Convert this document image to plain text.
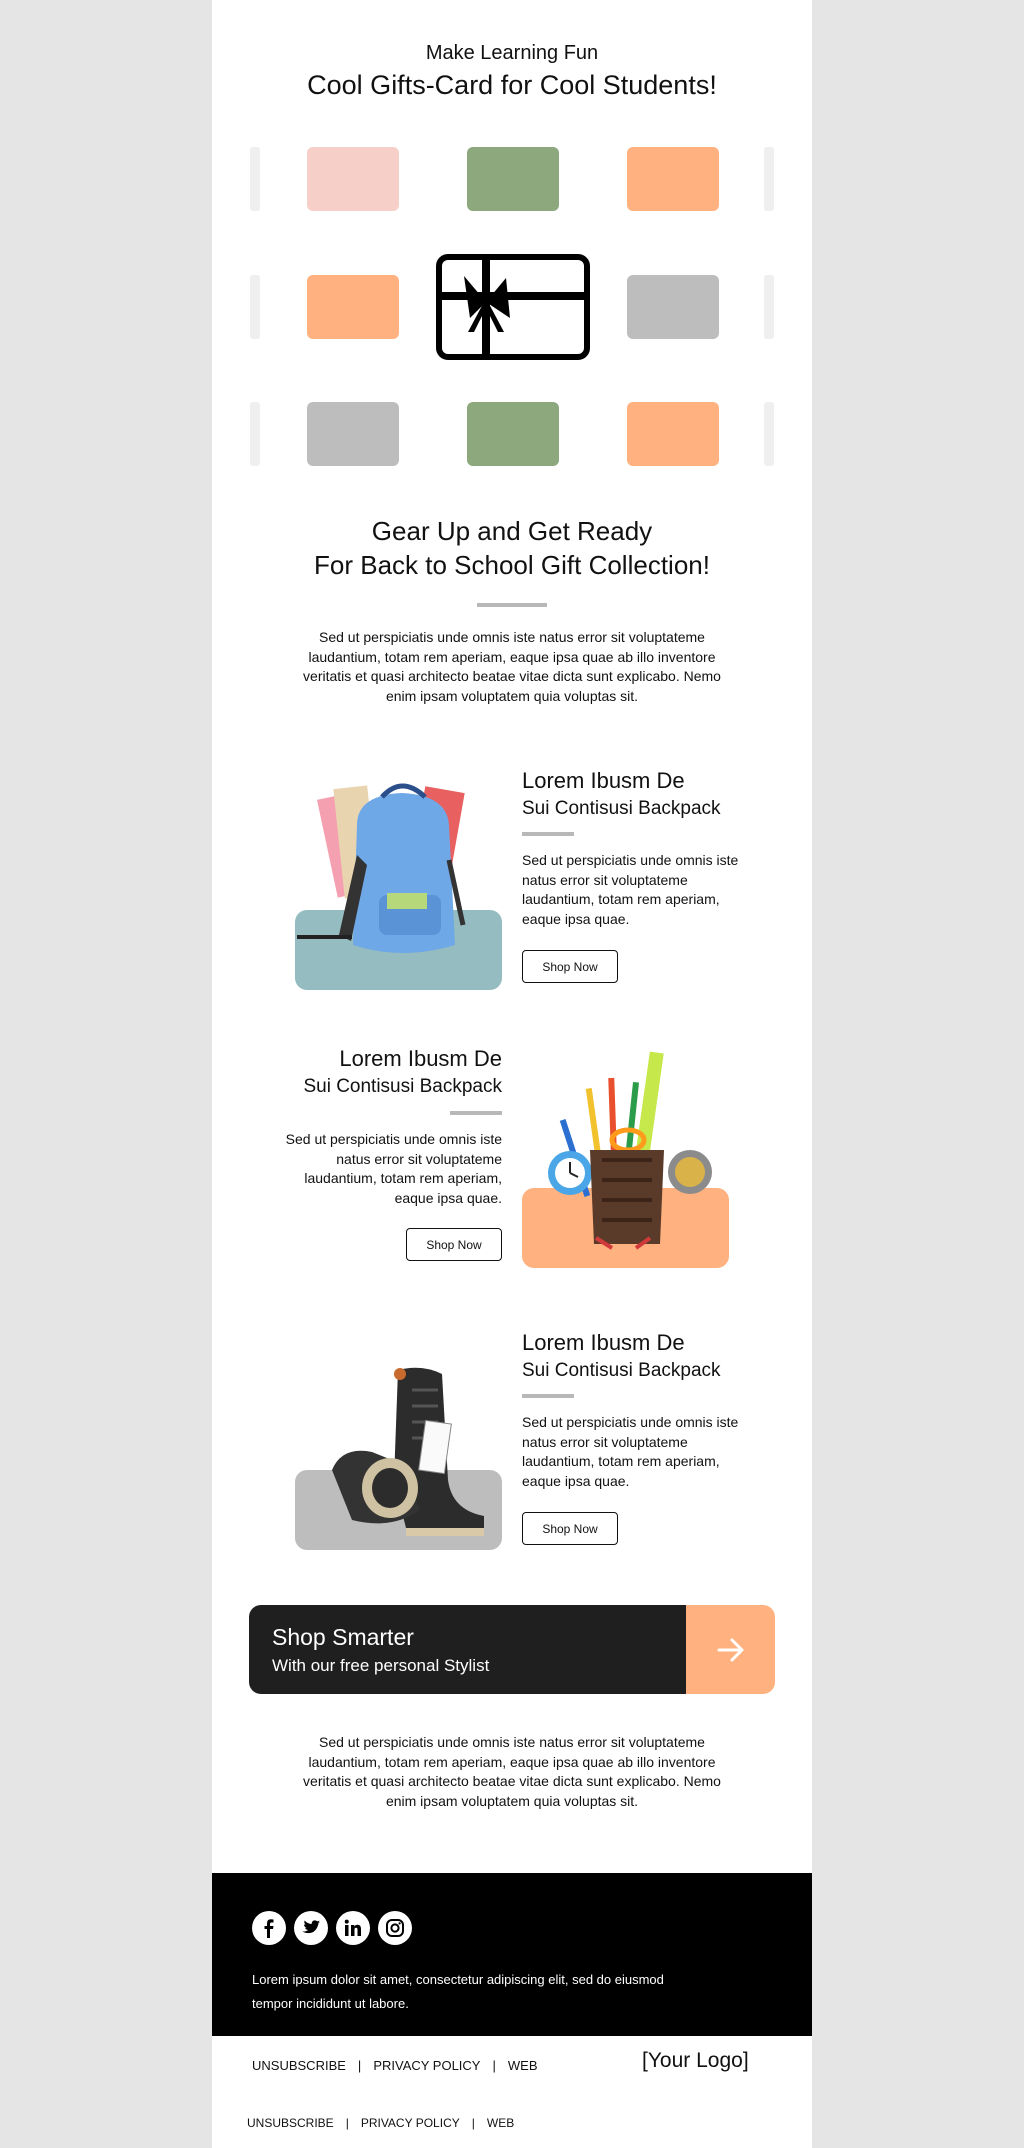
Make Learning Fun
Cool Gifts-Card for Cool Students!
Gear Up and Get Ready
For Back to School Gift Collection!
Sed ut perspiciatis unde omnis iste natus error sit voluptateme laudantium, totam rem aperiam, eaque ipsa quae ab illo inventore veritatis et quasi architecto beatae vitae dicta sunt explicabo. Nemo enim ipsam voluptatem quia voluptas sit.
Lorem Ibusm De
Sui Contisusi Backpack
Sed ut perspiciatis unde omnis iste natus error sit voluptateme laudantium, totam rem aperiam, eaque ipsa quae.
Shop Now
Lorem Ibusm De
Sui Contisusi Backpack
Sed ut perspiciatis unde omnis iste natus error sit voluptateme laudantium, totam rem aperiam, eaque ipsa quae.
Shop Now
Lorem Ibusm De
Sui Contisusi Backpack
Sed ut perspiciatis unde omnis iste natus error sit voluptateme laudantium, totam rem aperiam, eaque ipsa quae.
Shop Now
Shop Smarter
With our free personal Stylist
Sed ut perspiciatis unde omnis iste natus error sit voluptateme laudantium, totam rem aperiam, eaque ipsa quae ab illo inventore veritatis et quasi architecto beatae vitae dicta sunt explicabo. Nemo enim ipsam voluptatem quia voluptas sit.
Lorem ipsum dolor sit amet, consectetur adipiscing elit, sed do eiusmod tempor incididunt ut labore.
UNSUBSCRIBE | PRIVACY POLICY | WEB	[Your Logo]
UNSUBSCRIBE | PRIVACY POLICY | WEB
